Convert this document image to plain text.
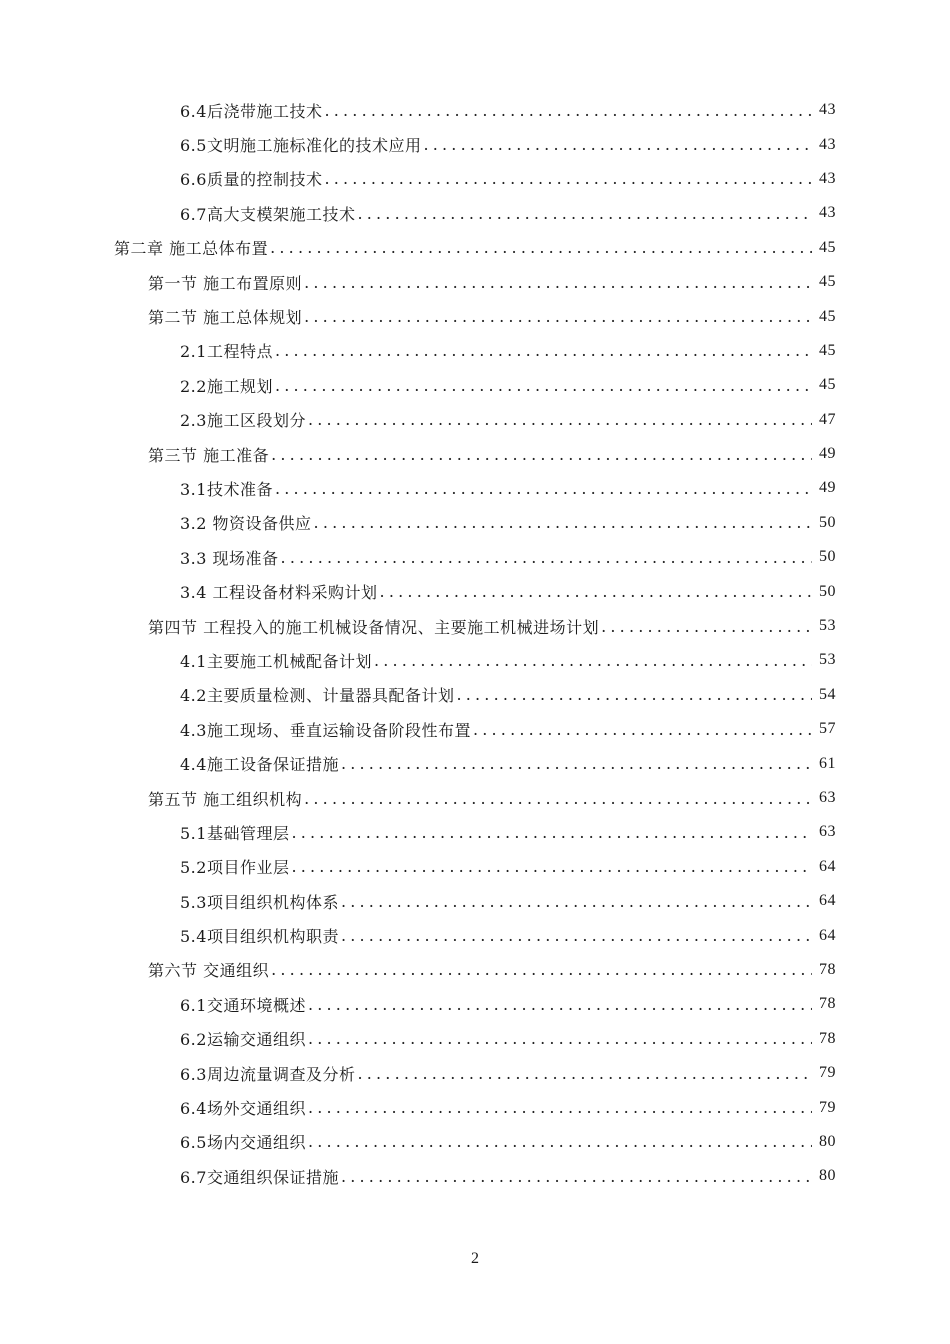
6.4后浇带施工技术 .....	43
6.5文明施工施标准化的技术应用 .....	43
6.6质量的控制技术 .....	43
6.7高大支模架施工技术 .....	43
第二章 施工总体布置 .....	45
第一节 施工布置原则 .....	45
第二节 施工总体规划 .....	45
2.1工程特点 .....	45
2.2施工规划 .....	45
2.3施工区段划分 .....	47
第三节 施工准备 .....	49
3.1技术准备 .....	49
3.2 物资设备供应 .....	50
3.3 现场准备 .....	50
3.4 工程设备材料采购计划 .....	50
第四节 工程投入的施工机械设备情况、主要施工机械进场计划 .....	53
4.1主要施工机械配备计划 .....	53
4.2主要质量检测、计量器具配备计划 .....	54
4.3施工现场、垂直运输设备阶段性布置 .....	57
4.4施工设备保证措施 .....	61
第五节 施工组织机构 .....	63
5.1基础管理层 .....	63
5.2项目作业层 .....	64
5.3项目组织机构体系 .....	64
5.4项目组织机构职责 .....	64
第六节 交通组织 .....	78
6.1交通环境概述 .....	78
6.2运输交通组织 .....	78
6.3周边流量调查及分析 .....	79
6.4场外交通组织 .....	79
6.5场内交通组织 .....	80
6.7交通组织保证措施 .....	80
2
